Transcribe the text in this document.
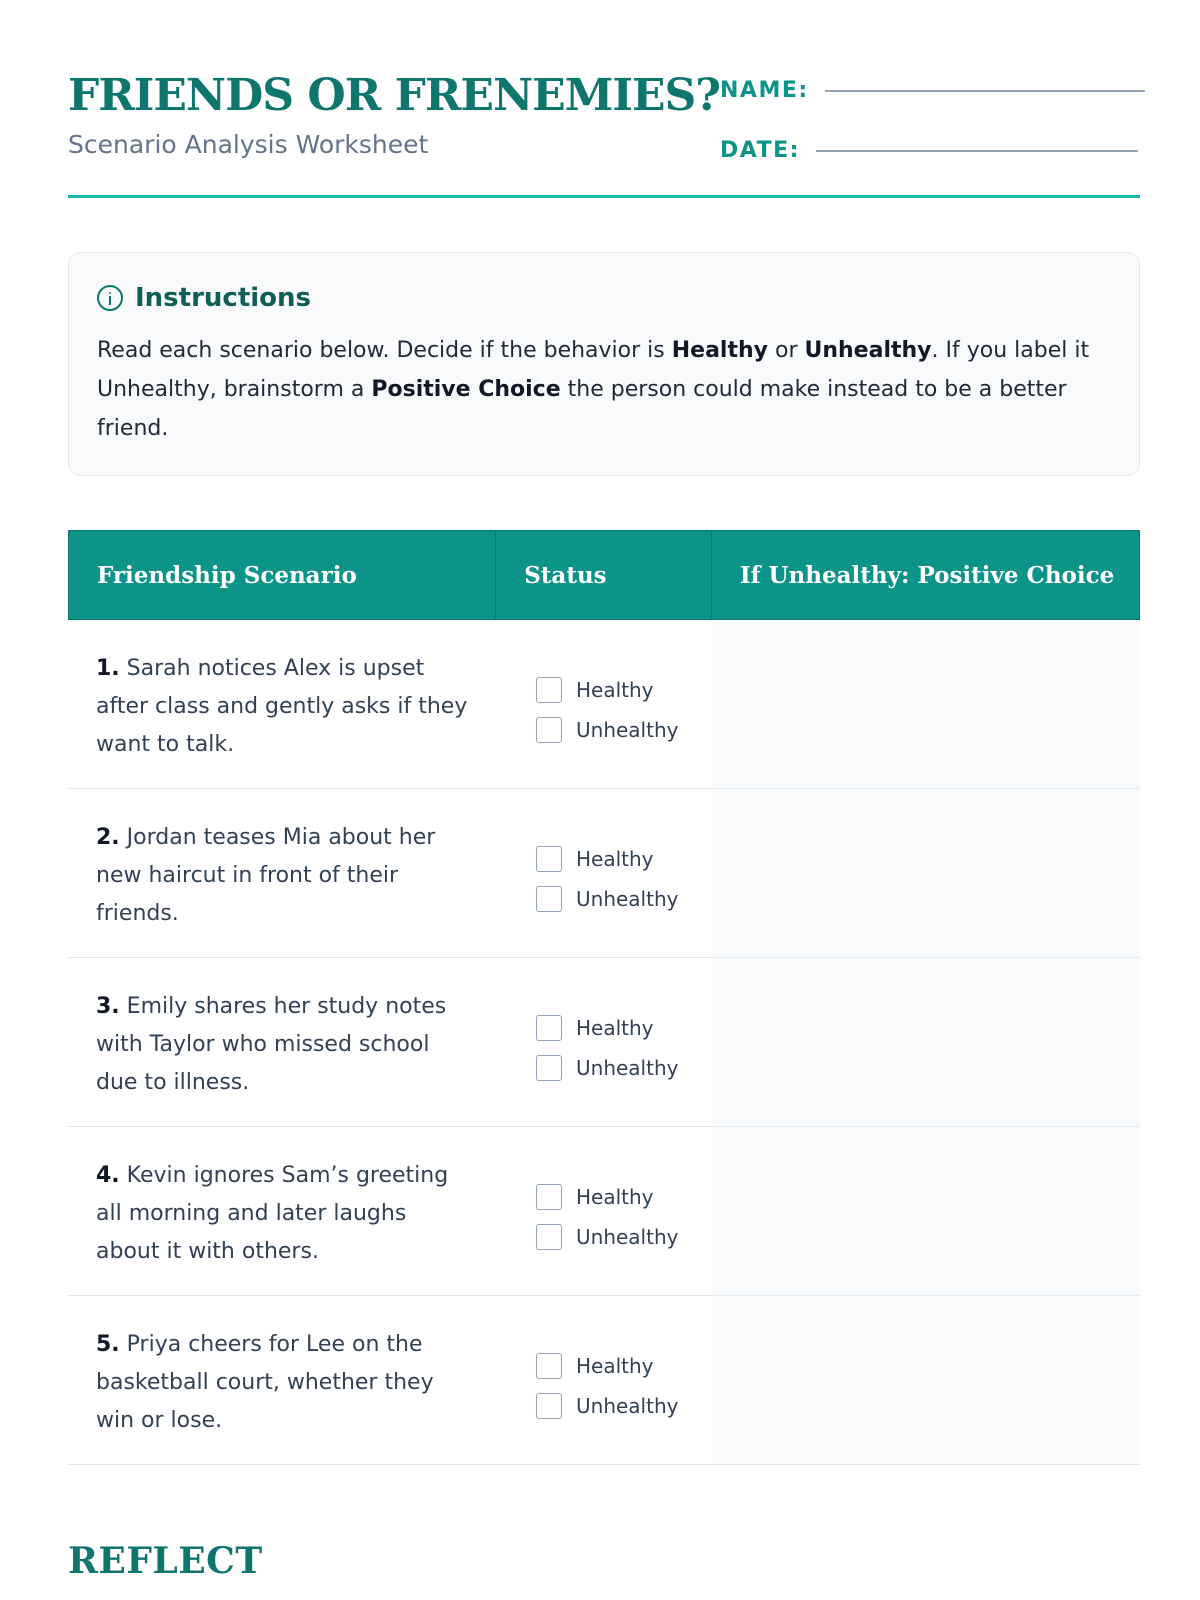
FRIENDS OR FRENEMIES?
Scenario Analysis Worksheet
NAME:
DATE:
Instructions

Read each scenario below. Decide if the behavior is Healthy or Unhealthy. If you label it Unhealthy, brainstorm a Positive Choice the person could make instead to be a better friend.

Friendship Scenario	Status	If Unhealthy: Positive Choice
1. Sarah notices Alex is upset after class and gently asks if they want to talk.
Healthy
Unhealthy
2. Jordan teases Mia about her new haircut in front of their friends.
Healthy
Unhealthy
3. Emily shares her study notes with Taylor who missed school due to illness.
Healthy
Unhealthy
4. Kevin ignores Sam’s greeting all morning and later laughs about it with others.
Healthy
Unhealthy
5. Priya cheers for Lee on the basketball court, whether they win or lose.
Healthy
Unhealthy
REFLECT
